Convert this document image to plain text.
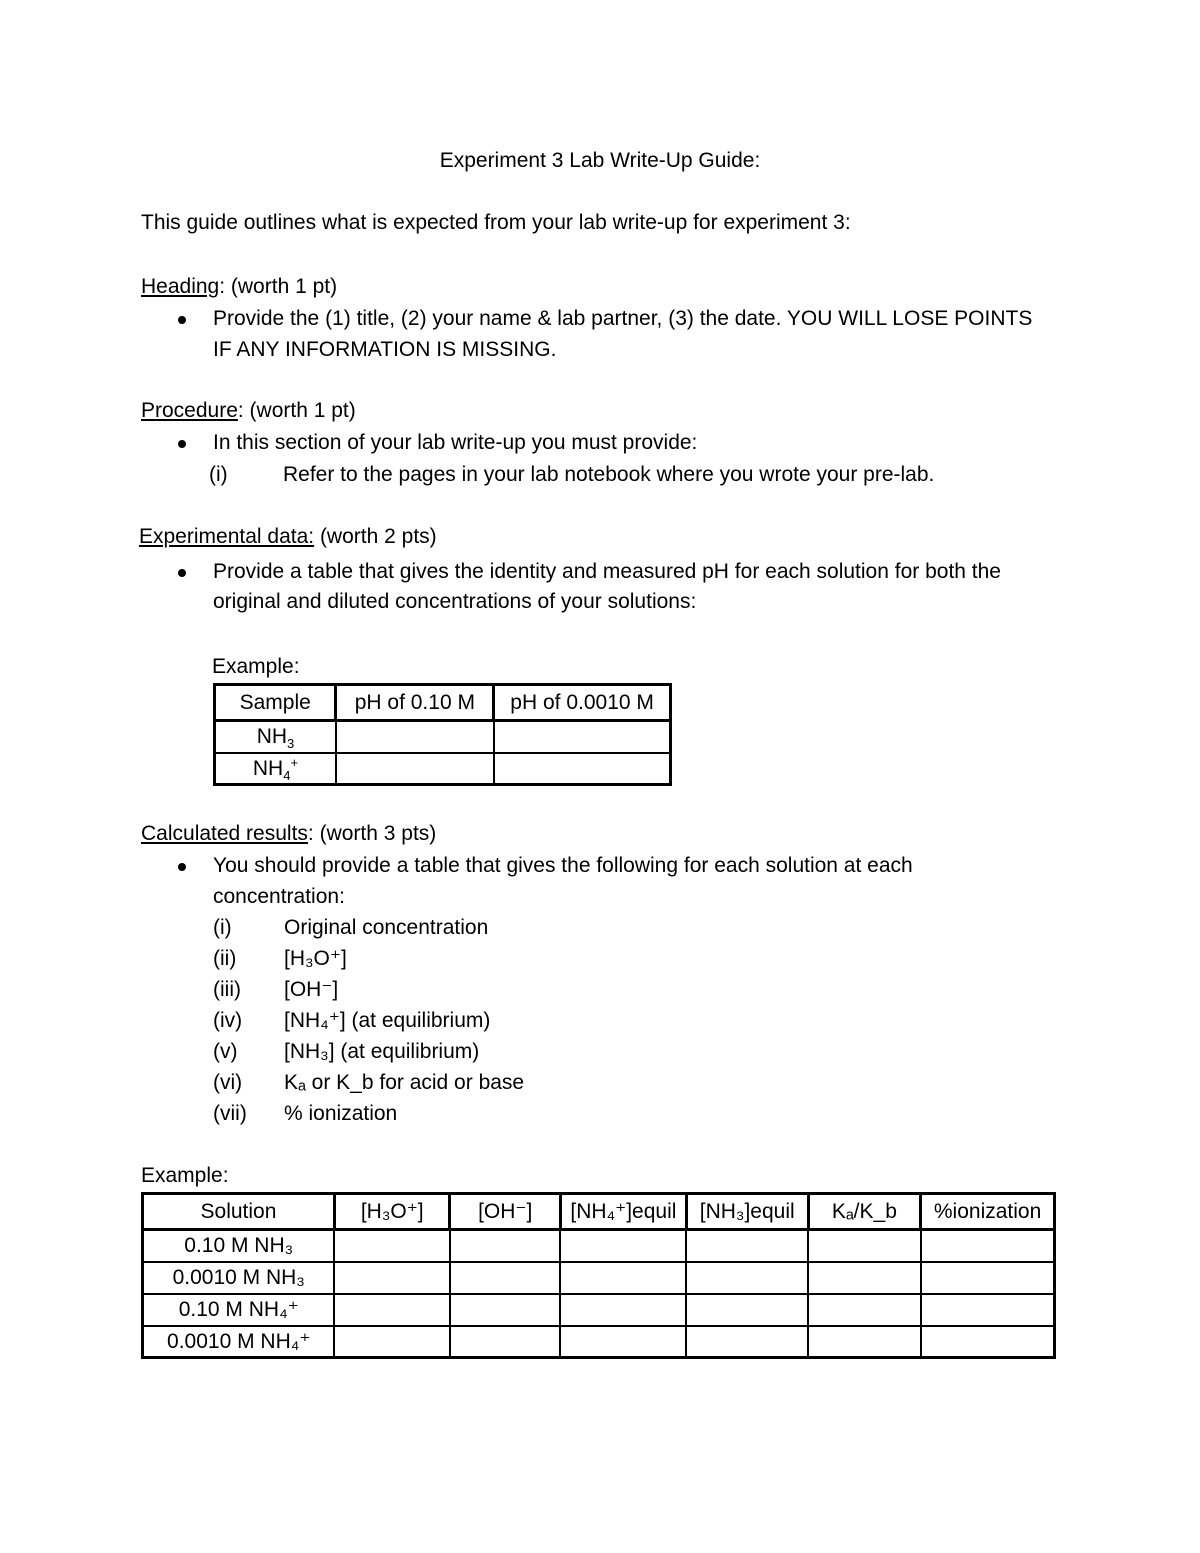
Experiment 3 Lab Write-Up Guide:
This guide outlines what is expected from your lab write-up for experiment 3:
Heading: (worth 1 pt)
Provide the (1) title, (2) your name & lab partner, (3) the date. YOU WILL LOSE POINTS
IF ANY INFORMATION IS MISSING.
Procedure: (worth 1 pt)
In this section of your lab write-up you must provide:
(i)	Refer to the pages in your lab notebook where you wrote your pre-lab.
Experimental data: (worth 2 pts)
Provide a table that gives the identity and measured pH for each solution for both the
original and diluted concentrations of your solutions:
Example:
Sample	pH of 0.10 M	pH of 0.0010 M
$NH_3$		
$NH_4^+$		
Calculated results: (worth 3 pts)
You should provide a table that gives the following for each solution at each
concentration:
(i) Original concentration
(ii) [H₃O⁺]
(iii) [OH⁻]
(iv) [NH₄⁺] (at equilibrium)
(v) [NH₃] (at equilibrium)
(vi) Kₐ or K_b for acid or base
(vii) % ionization
Example:
Solution	[H₃O⁺]	[OH⁻]	[NH₄⁺]equil	[NH₃]equil	Kₐ/K_b	%ionization
0.10 M NH₃						
0.0010 M NH₃						
0.10 M NH₄⁺						
0.0010 M NH₄⁺						
